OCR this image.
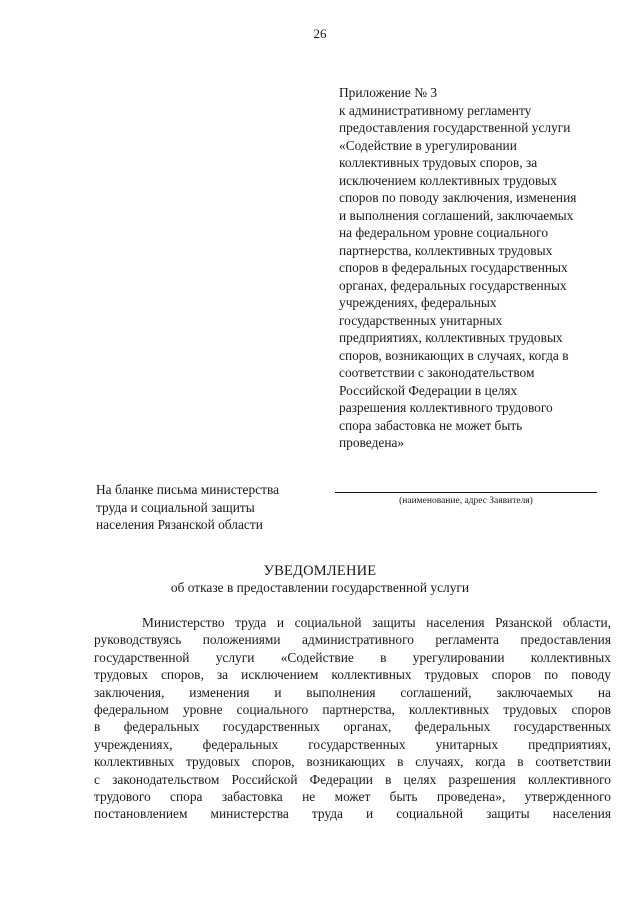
26
Приложение № 3
к административному регламенту
предоставления государственной услуги
«Содействие в урегулировании
коллективных трудовых споров, за
исключением коллективных трудовых
споров по поводу заключения, изменения
и выполнения соглашений, заключаемых
на федеральном уровне социального
партнерства, коллективных трудовых
споров в федеральных государственных
органах, федеральных государственных
учреждениях, федеральных
государственных унитарных
предприятиях, коллективных трудовых
споров, возникающих в случаях, когда в
соответствии с законодательством
Российской Федерации в целях
разрешения коллективного трудового
спора забастовка не может быть
проведена»
На бланке письма министерства
труда и социальной защиты
населения Рязанской области
(наименование, адрес Заявителя)
УВЕДОМЛЕНИЕ
об отказе в предоставлении государственной услуги
Министерство труда и социальной защиты населения Рязанской области,
руководствуясь положениями административного регламента предоставления
государственной услуги «Содействие в урегулировании коллективных
трудовых споров, за исключением коллективных трудовых споров по поводу
заключения, изменения и выполнения соглашений, заключаемых на
федеральном уровне социального партнерства, коллективных трудовых споров
в федеральных государственных органах, федеральных государственных
учреждениях, федеральных государственных унитарных предприятиях,
коллективных трудовых споров, возникающих в случаях, когда в соответствии
с законодательством Российской Федерации в целях разрешения коллективного
трудового спора забастовка не может быть проведена», утвержденного
постановлением министерства труда и социальной защиты населения
